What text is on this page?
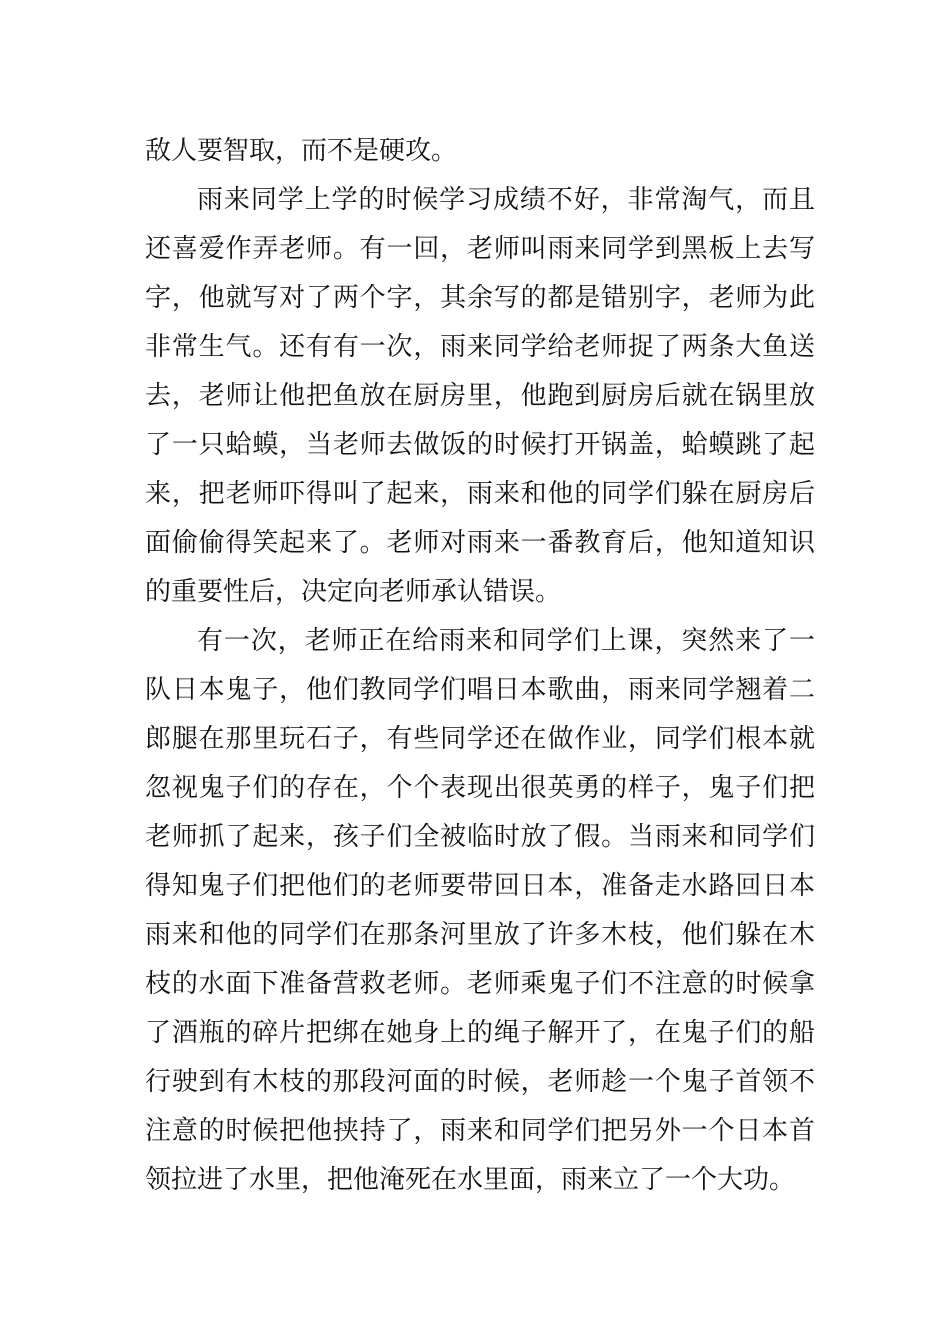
敌人要智取，而不是硬攻。
雨来同学上学的时候学习成绩不好，非常淘气，而且
还喜爱作弄老师。有一回，老师叫雨来同学到黑板上去写
字，他就写对了两个字，其余写的都是错别字，老师为此
非常生气。还有有一次，雨来同学给老师捉了两条大鱼送
去，老师让他把鱼放在厨房里，他跑到厨房后就在锅里放
了一只蛤蟆，当老师去做饭的时候打开锅盖，蛤蟆跳了起
来，把老师吓得叫了起来，雨来和他的同学们躲在厨房后
面偷偷得笑起来了。老师对雨来一番教育后，他知道知识
的重要性后，决定向老师承认错误。
有一次，老师正在给雨来和同学们上课，突然来了一
队日本鬼子，他们教同学们唱日本歌曲，雨来同学翘着二
郎腿在那里玩石子，有些同学还在做作业，同学们根本就
忽视鬼子们的存在，个个表现出很英勇的样子，鬼子们把
老师抓了起来，孩子们全被临时放了假。当雨来和同学们
得知鬼子们把他们的老师要带回日本，准备走水路回日本
雨来和他的同学们在那条河里放了许多木枝，他们躲在木
枝的水面下准备营救老师。老师乘鬼子们不注意的时候拿
了酒瓶的碎片把绑在她身上的绳子解开了，在鬼子们的船
行驶到有木枝的那段河面的时候，老师趁一个鬼子首领不
注意的时候把他挟持了，雨来和同学们把另外一个日本首
领拉进了水里，把他淹死在水里面，雨来立了一个大功。
